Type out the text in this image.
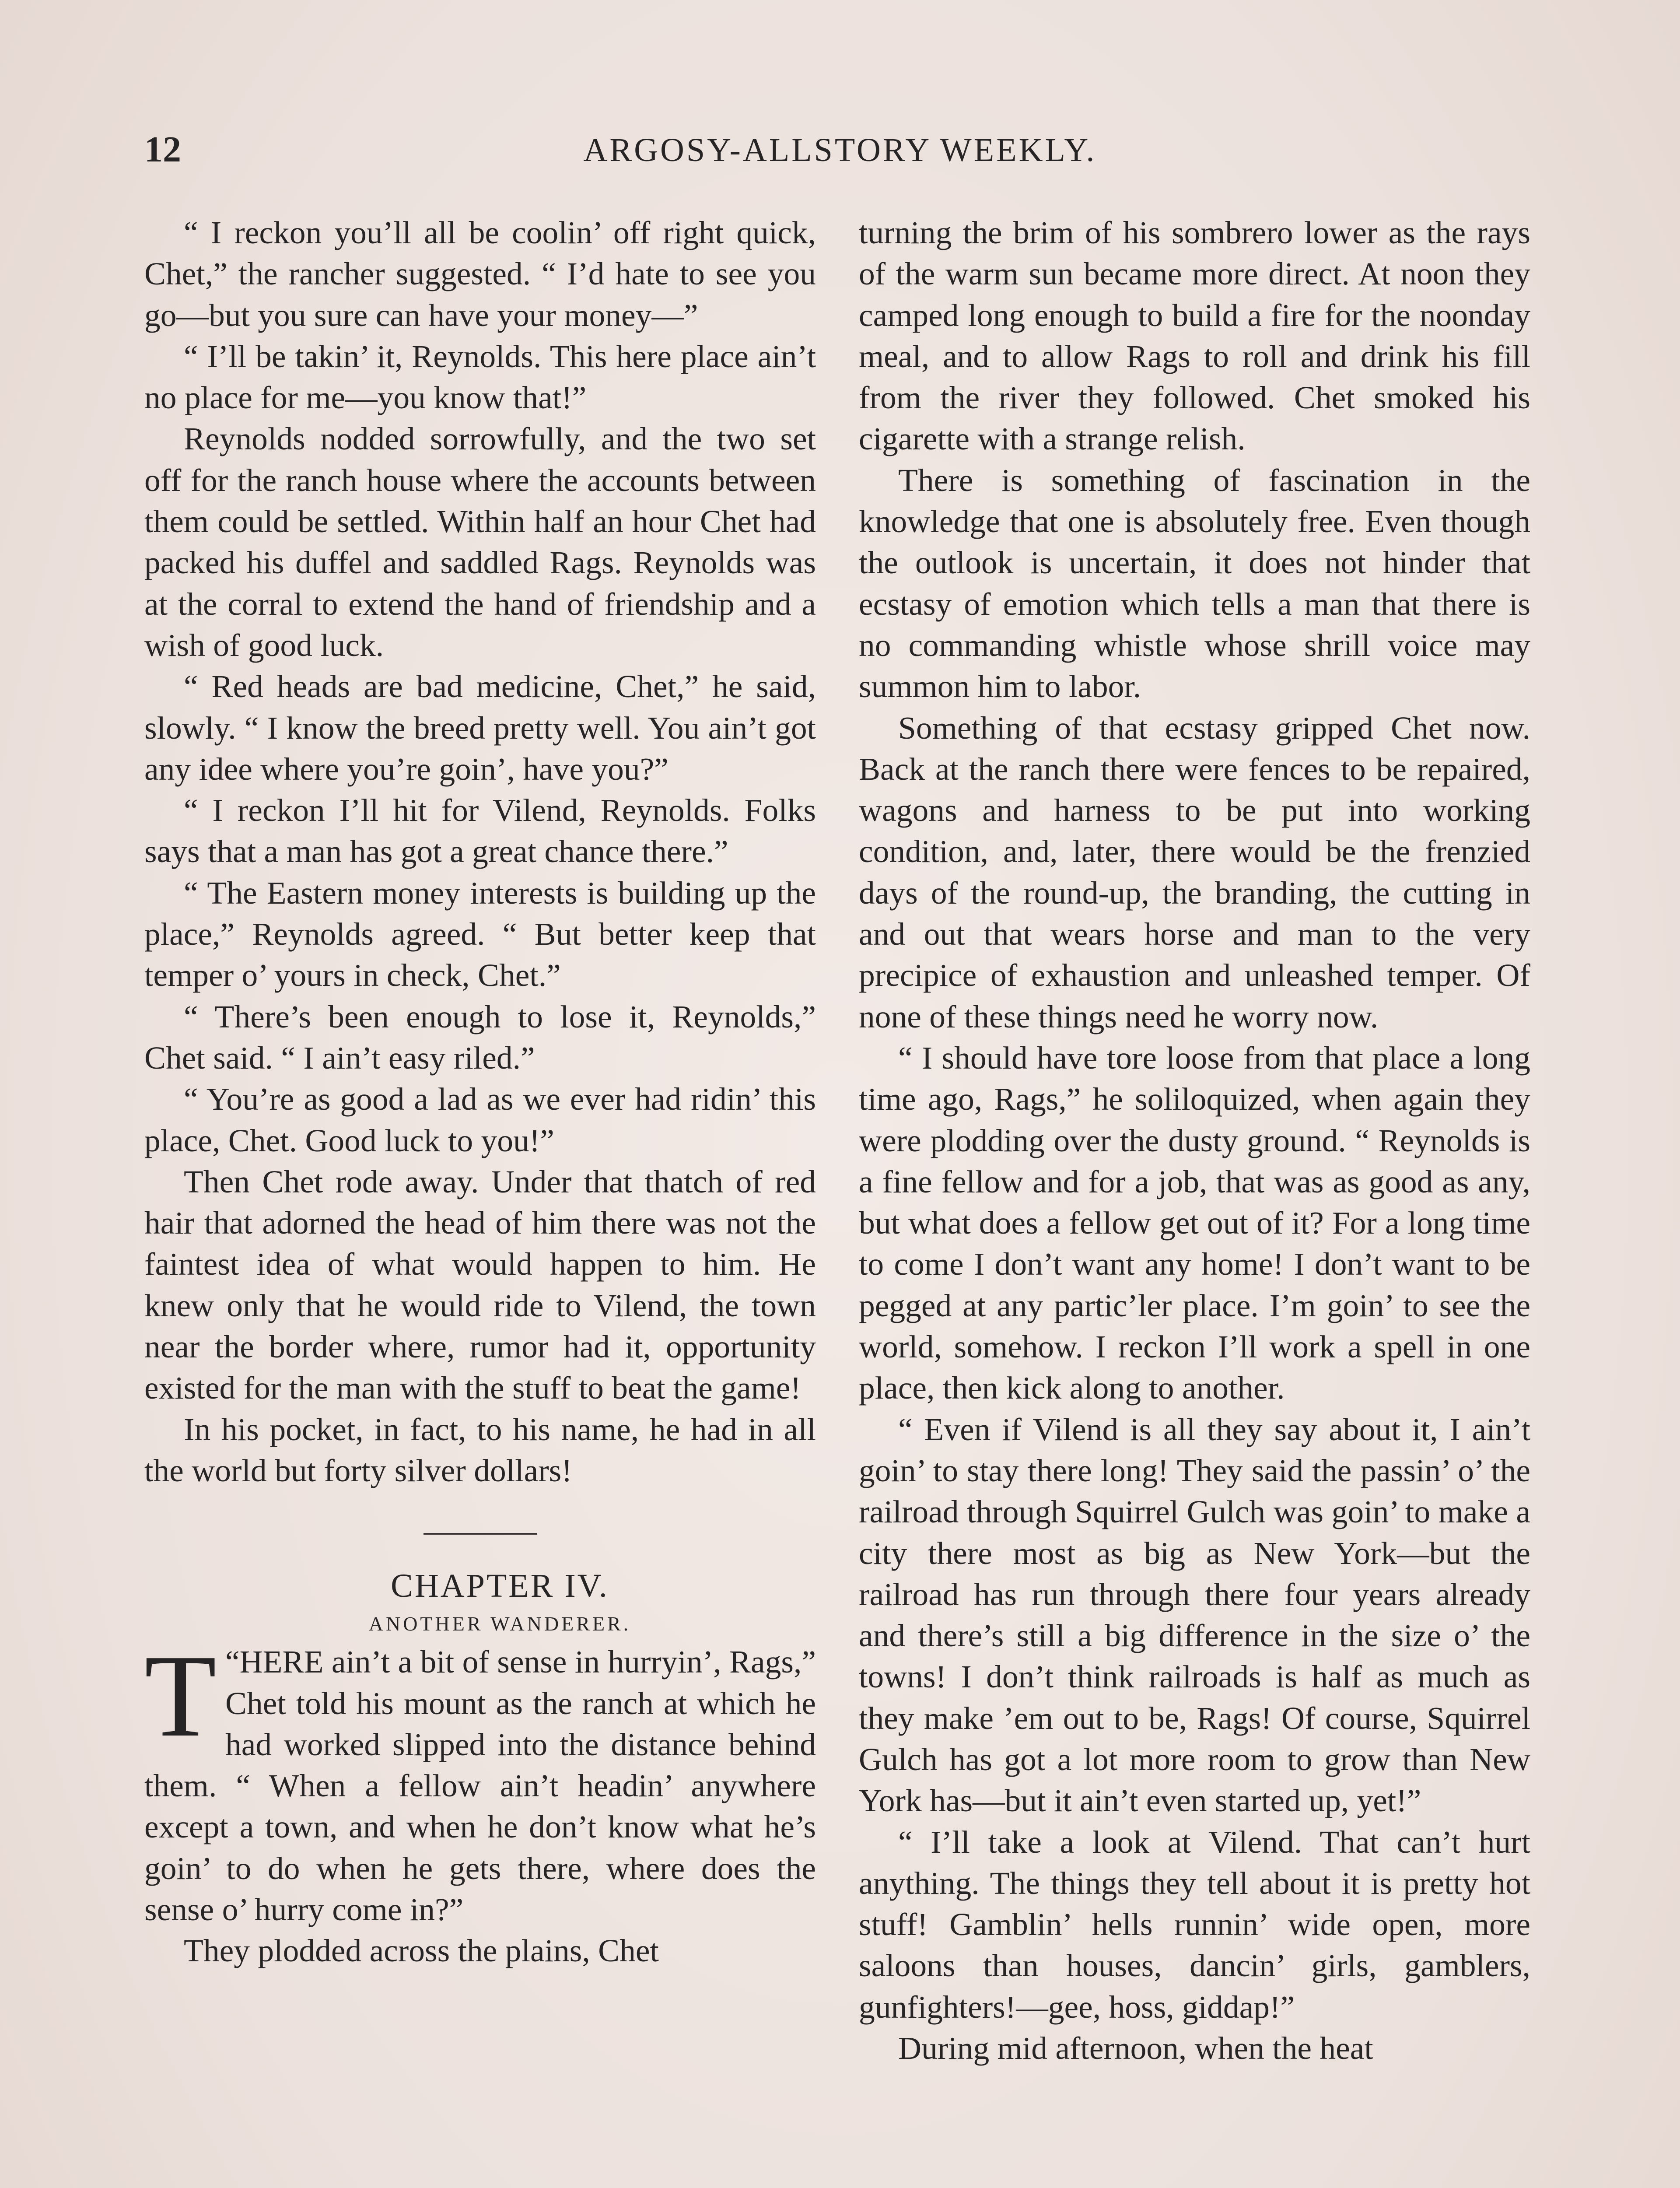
12	ARGOSY-ALLSTORY WEEKLY.

“ I reckon you’ll all be coolin’ off right quick, Chet,” the rancher suggested. “ I’d hate to see you go—but you sure can have your money—”

“ I’ll be takin’ it, Reynolds. This here place ain’t no place for me—you know that!”

Reynolds nodded sorrowfully, and the two set off for the ranch house where the accounts between them could be settled. Within half an hour Chet had packed his duffel and saddled Rags. Reynolds was at the corral to extend the hand of friendship and a wish of good luck.

“ Red heads are bad medicine, Chet,” he said, slowly. “ I know the breed pretty well. You ain’t got any idee where you’re goin’, have you?”

“ I reckon I’ll hit for Vilend, Reynolds. Folks says that a man has got a great chance there.”

“ The Eastern money interests is building up the place,” Reynolds agreed. “ But better keep that temper o’ yours in check, Chet.”

“ There’s been enough to lose it, Reynolds,” Chet said. “ I ain’t easy riled.”

“ You’re as good a lad as we ever had ridin’ this place, Chet. Good luck to you!”

Then Chet rode away. Under that thatch of red hair that adorned the head of him there was not the faintest idea of what would happen to him. He knew only that he would ride to Vilend, the town near the border where, rumor had it, opportunity existed for the man with the stuff to beat the game!

In his pocket, in fact, to his name, he had in all the world but forty silver dollars!

CHAPTER IV.

ANOTHER WANDERER.

T “HERE ain’t a bit of sense in hurryin’, Rags,” Chet told his mount as the ranch at which he had worked slipped into the distance behind them. “ When a fellow ain’t headin’ anywhere except a town, and when he don’t know what he’s goin’ to do when he gets there, where does the sense o’ hurry come in?”

They plodded across the plains, Chet

turning the brim of his sombrero lower as the rays of the warm sun became more direct. At noon they camped long enough to build a fire for the noonday meal, and to allow Rags to roll and drink his fill from the river they followed. Chet smoked his cigarette with a strange relish.

There is something of fascination in the knowledge that one is absolutely free. Even though the outlook is uncertain, it does not hinder that ecstasy of emotion which tells a man that there is no commanding whistle whose shrill voice may summon him to labor.

Something of that ecstasy gripped Chet now. Back at the ranch there were fences to be repaired, wagons and harness to be put into working condition, and, later, there would be the frenzied days of the round-up, the branding, the cutting in and out that wears horse and man to the very precipice of exhaustion and unleashed temper. Of none of these things need he worry now.

“ I should have tore loose from that place a long time ago, Rags,” he soliloquized, when again they were plodding over the dusty ground. “ Reynolds is a fine fellow and for a job, that was as good as any, but what does a fellow get out of it? For a long time to come I don’t want any home! I don’t want to be pegged at any partic’ler place. I’m goin’ to see the world, somehow. I reckon I’ll work a spell in one place, then kick along to another.

“ Even if Vilend is all they say about it, I ain’t goin’ to stay there long! They said the passin’ o’ the railroad through Squirrel Gulch was goin’ to make a city there most as big as New York—but the railroad has run through there four years already and there’s still a big difference in the size o’ the towns! I don’t think railroads is half as much as they make ’em out to be, Rags! Of course, Squirrel Gulch has got a lot more room to grow than New York has—but it ain’t even started up, yet!”

“ I’ll take a look at Vilend. That can’t hurt anything. The things they tell about it is pretty hot stuff! Gamblin’ hells runnin’ wide open, more saloons than houses, dancin’ girls, gamblers, gunfighters!—gee, hoss, giddap!”

During mid afternoon, when the heat
